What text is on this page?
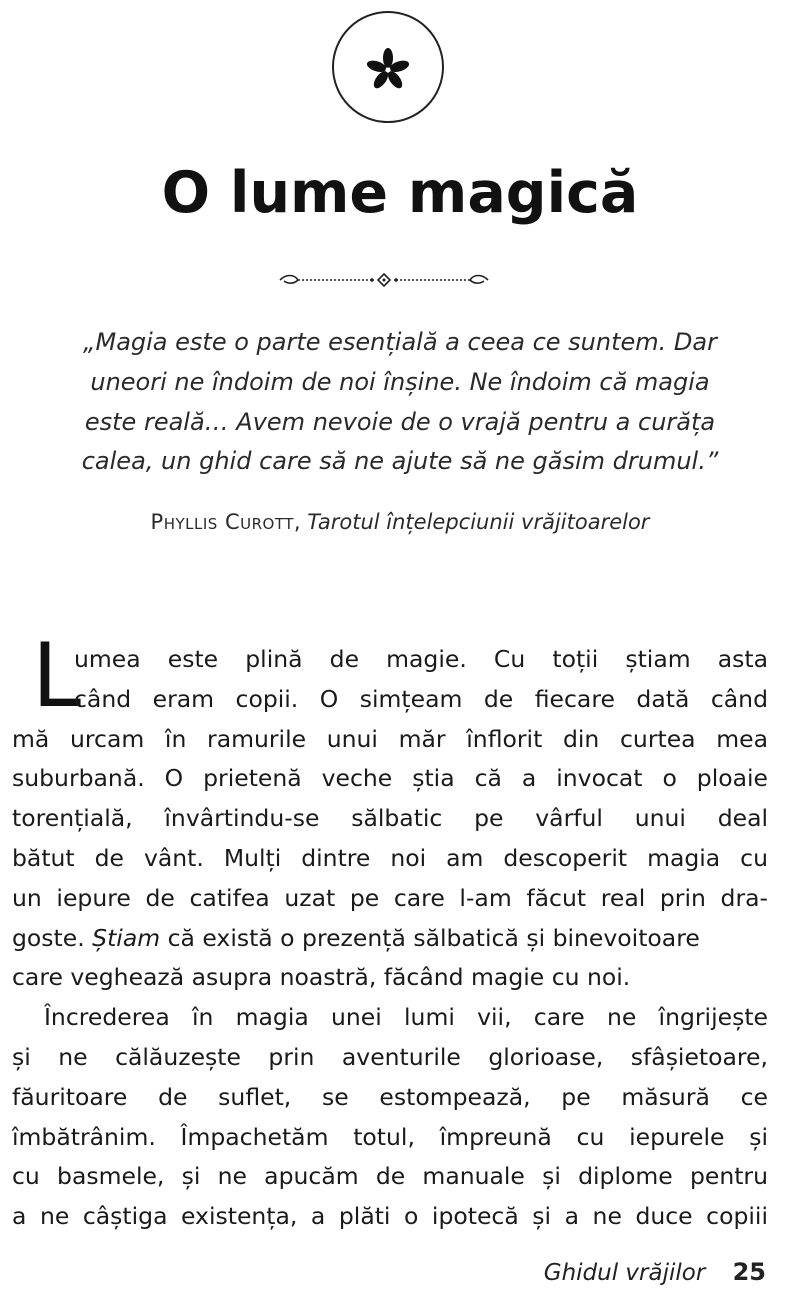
O lume magică
„Magia este o parte esențială a ceea ce suntem. Dar
uneori ne îndoim de noi înșine. Ne îndoim că magia
este reală… Avem nevoie de o vrajă pentru a curăța
calea, un ghid care să ne ajute să ne găsim drumul.”
Phyllis Curott, Tarotul înțelepciunii vrăjitoarelor
L
umea este plină de magie. Cu toții știam asta
când eram copii. O simțeam de fiecare dată când
mă urcam în ramurile unui măr înflorit din curtea mea
suburbană. O prietenă veche știa că a invocat o ploaie
torențială, învârtindu-se sălbatic pe vârful unui deal
bătut de vânt. Mulți dintre noi am descoperit magia cu
un iepure de catifea uzat pe care l-am făcut real prin dra-
goste. Știam că există o prezență sălbatică și binevoitoare
care veghează asupra noastră, făcând magie cu noi.
Încrederea în magia unei lumi vii, care ne îngrijește
și ne călăuzește prin aventurile glorioase, sfâșietoare,
făuritoare de suflet, se estompează, pe măsură ce
îmbătrânim. Împachetăm totul, împreună cu iepurele și
cu basmele, și ne apucăm de manuale și diplome pentru
a ne câștiga existența, a plăti o ipotecă și a ne duce copiii
Ghidul vrăjilor 25
